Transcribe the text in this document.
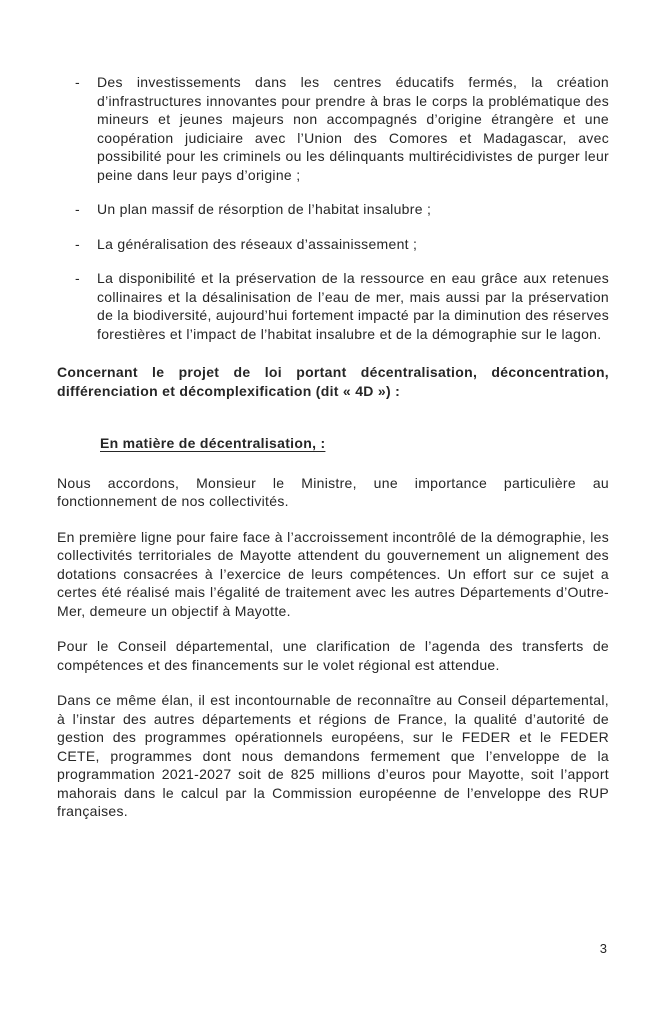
-	Des investissements dans les centres éducatifs fermés, la création d’infrastructures innovantes pour prendre à bras le corps la problématique des mineurs et jeunes majeurs non accompagnés d’origine étrangère et une coopération judiciaire avec l’Union des Comores et Madagascar, avec possibilité pour les criminels ou les délinquants multirécidivistes de purger leur peine dans leur pays d’origine ;

-	Un plan massif de résorption de l’habitat insalubre ;

-	La généralisation des réseaux d’assainissement ;

-	La disponibilité et la préservation de la ressource en eau grâce aux retenues collinaires et la désalinisation de l’eau de mer, mais aussi par la préservation de la biodiversité, aujourd’hui fortement impacté par la diminution des réserves forestières et l’impact de l’habitat insalubre et de la démographie sur le lagon.

Concernant le projet de loi portant décentralisation, déconcentration, différenciation et décomplexification (dit « 4D ») :

En matière de décentralisation, :

Nous accordons, Monsieur le Ministre, une importance particulière au fonctionnement de nos collectivités.

En première ligne pour faire face à l’accroissement incontrôlé de la démographie, les collectivités territoriales de Mayotte attendent du gouvernement un alignement des dotations consacrées à l’exercice de leurs compétences. Un effort sur ce sujet a certes été réalisé mais l’égalité de traitement avec les autres Départements d’Outre-Mer, demeure un objectif à Mayotte.

Pour le Conseil départemental, une clarification de l’agenda des transferts de compétences et des financements sur le volet régional est attendue.

Dans ce même élan, il est incontournable de reconnaître au Conseil départemental, à l’instar des autres départements et régions de France, la qualité d’autorité de gestion des programmes opérationnels européens, sur le FEDER et le FEDER CETE, programmes dont nous demandons fermement que l’enveloppe de la programmation 2021-2027 soit de 825 millions d’euros pour Mayotte, soit l’apport mahorais dans le calcul par la Commission européenne de l’enveloppe des RUP françaises.

3
